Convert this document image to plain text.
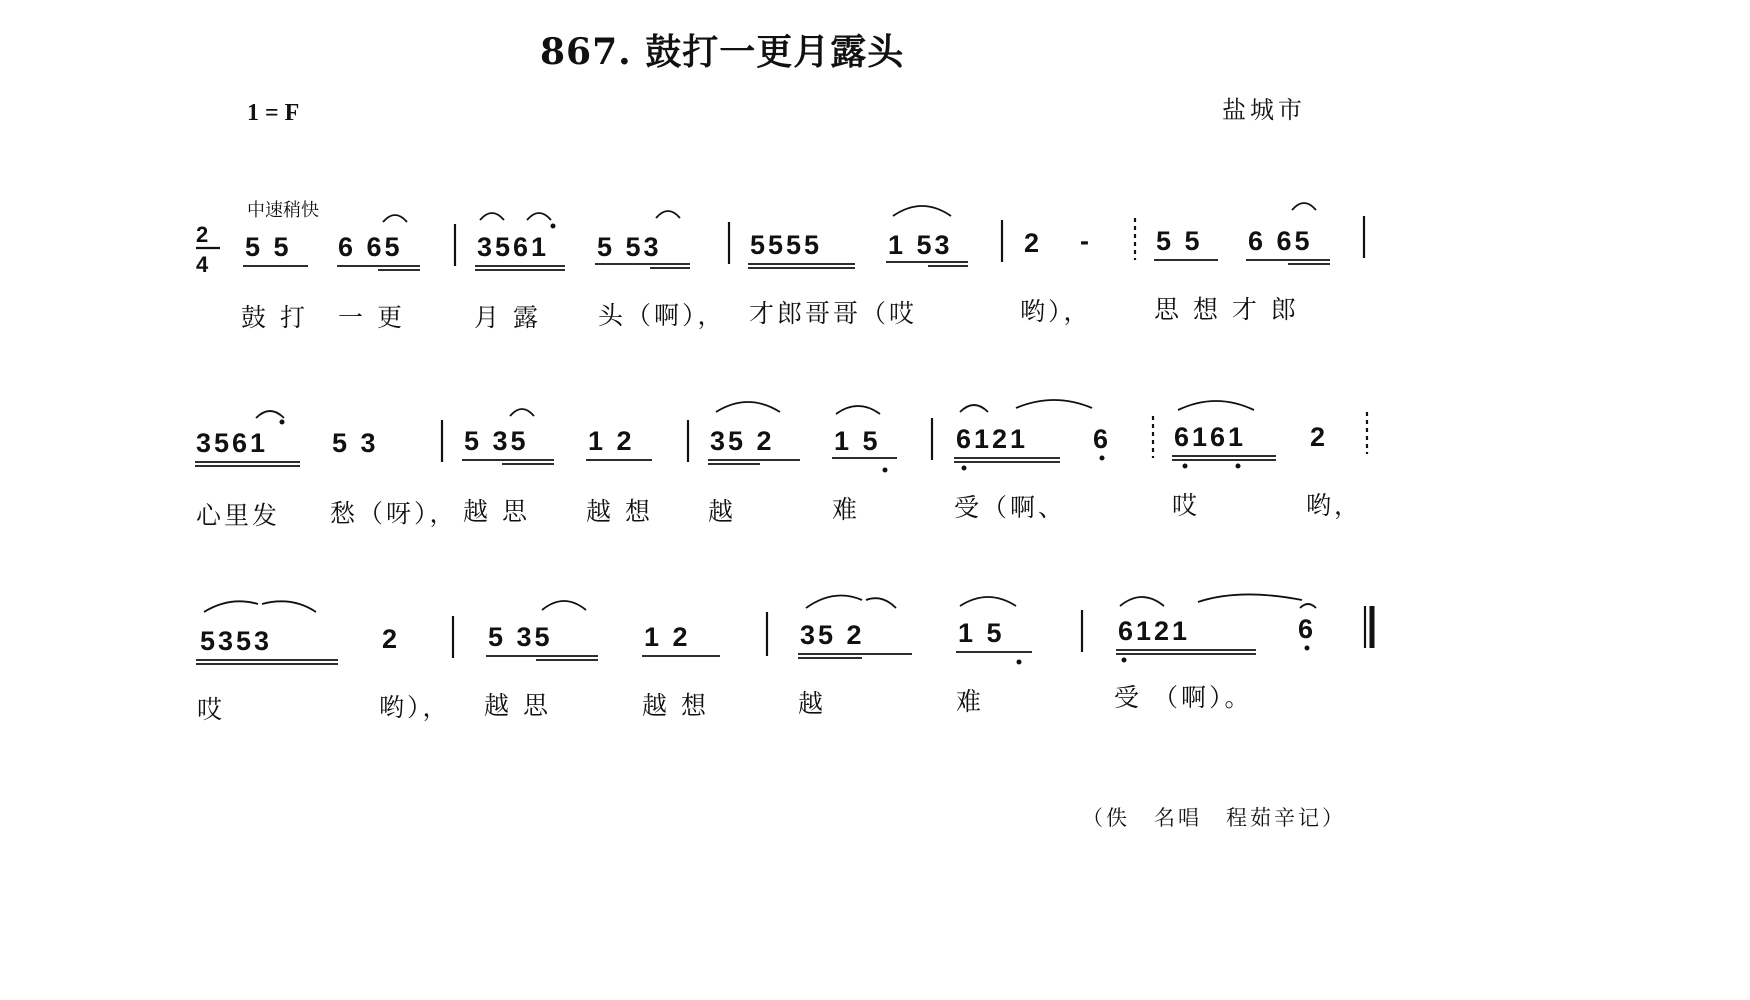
867. 鼓打一更月露头
1 = F	盐城市
中速稍快
2
4
5 5 6 65	3561 5 53	5555 1 53	2 - 5 5 6 65
鼓 打 一 更	月 露 头（啊）， 才郎哥哥（哎	哟）， 思 想 才 郎
3561 5 3	5 35 1 2	35 2 1 5	6121 6 6161 2
心里发 愁（呀）， 越 思 越 想 越	难	受（啊、	哎	哟，
5353	2	5 35	1 2	35 2	1 5	6121	6
哎	哟）， 越 思	越 想	越	难	受 （啊）。
（佚　名唱　程茹辛记）
